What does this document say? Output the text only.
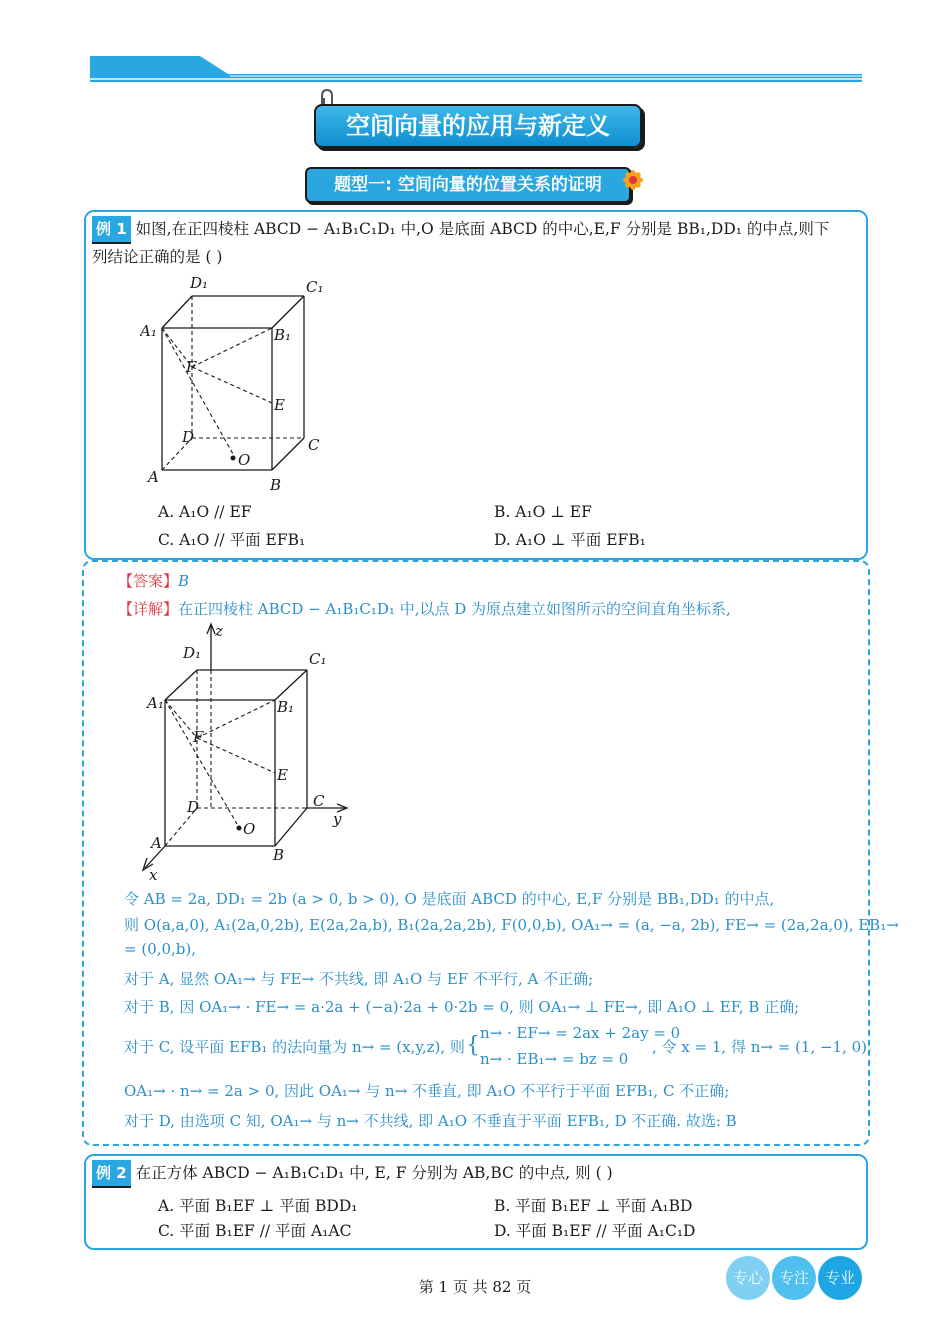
空间向量的应用与新定义
题型一: 空间向量的位置关系的证明
例 1 如图,在正四棱柱 ABCD − A₁B₁C₁D₁ 中,O 是底面 ABCD 的中心,E,F 分别是 BB₁,DD₁ 的中点,则下
列结论正确的是 ( )
D₁	C₁
A₁	B₁
F
E
D	C
O
A	B
A. A₁O // EF	B. A₁O ⊥ EF
C. A₁O // 平面 EFB₁	D. A₁O ⊥ 平面 EFB₁
【答案】B
【详解】在正四棱柱 ABCD − A₁B₁C₁D₁ 中,以点 D 为原点建立如图所示的空间直角坐标系,
z
y
x
D₁	C₁
A₁	B₁
F
E
D	C
O
A
B
令 AB = 2a, DD₁ = 2b (a > 0, b > 0), O 是底面 ABCD 的中心, E,F 分别是 BB₁,DD₁ 的中点,
则 O(a,a,0), A₁(2a,0,2b), E(2a,2a,b), B₁(2a,2a,2b), F(0,0,b), OA₁→ = (a, −a, 2b), FE→ = (2a,2a,0), EB₁→
= (0,0,b),
对于 A, 显然 OA₁→ 与 FE→ 不共线, 即 A₁O 与 EF 不平行, A 不正确;
对于 B, 因 OA₁→ · FE→ = a·2a + (−a)·2a + 0·2b = 0, 则 OA₁→ ⊥ FE→, 即 A₁O ⊥ EF, B 正确;
对于 C, 设平面 EFB₁ 的法向量为 n→ = (x,y,z), 则 { n→ · EF→ = 2ax + 2ay = 0
n→ · EB₁→ = bz = 0
, 令 x = 1, 得 n→ = (1, −1, 0),
OA₁→ · n→ = 2a > 0, 因此 OA₁→ 与 n→ 不垂直, 即 A₁O 不平行于平面 EFB₁, C 不正确;
对于 D, 由选项 C 知, OA₁→ 与 n→ 不共线, 即 A₁O 不垂直于平面 EFB₁, D 不正确. 故选: B
例 2 在正方体 ABCD − A₁B₁C₁D₁ 中, E, F 分别为 AB,BC 的中点, 则 ( )
A. 平面 B₁EF ⊥ 平面 BDD₁	B. 平面 B₁EF ⊥ 平面 A₁BD
C. 平面 B₁EF // 平面 A₁AC	D. 平面 B₁EF // 平面 A₁C₁D
第 1 页 共 82 页	专心	专注	专业
